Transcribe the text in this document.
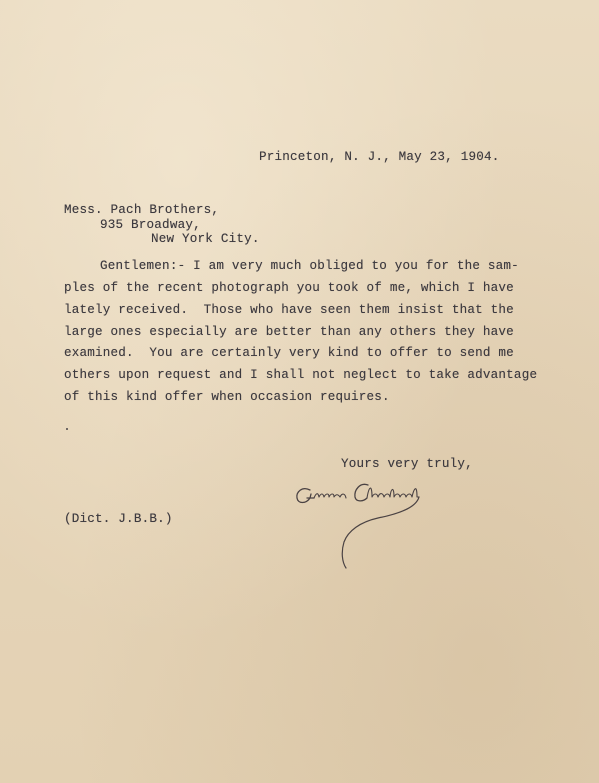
Princeton, N. J., May 23, 1904.
Mess. Pach Brothers,
935 Broadway,
New York City.
Gentlemen:- I am very much obliged to you for the sam-
ples of the recent photograph you took of me, which I have
lately received.  Those who have seen them insist that the
large ones especially are better than any others they have
examined.  You are certainly very kind to offer to send me
others upon request and I shall not neglect to take advantage
of this kind offer when occasion requires.
Yours very truly,
(Dict. J.B.B.)
